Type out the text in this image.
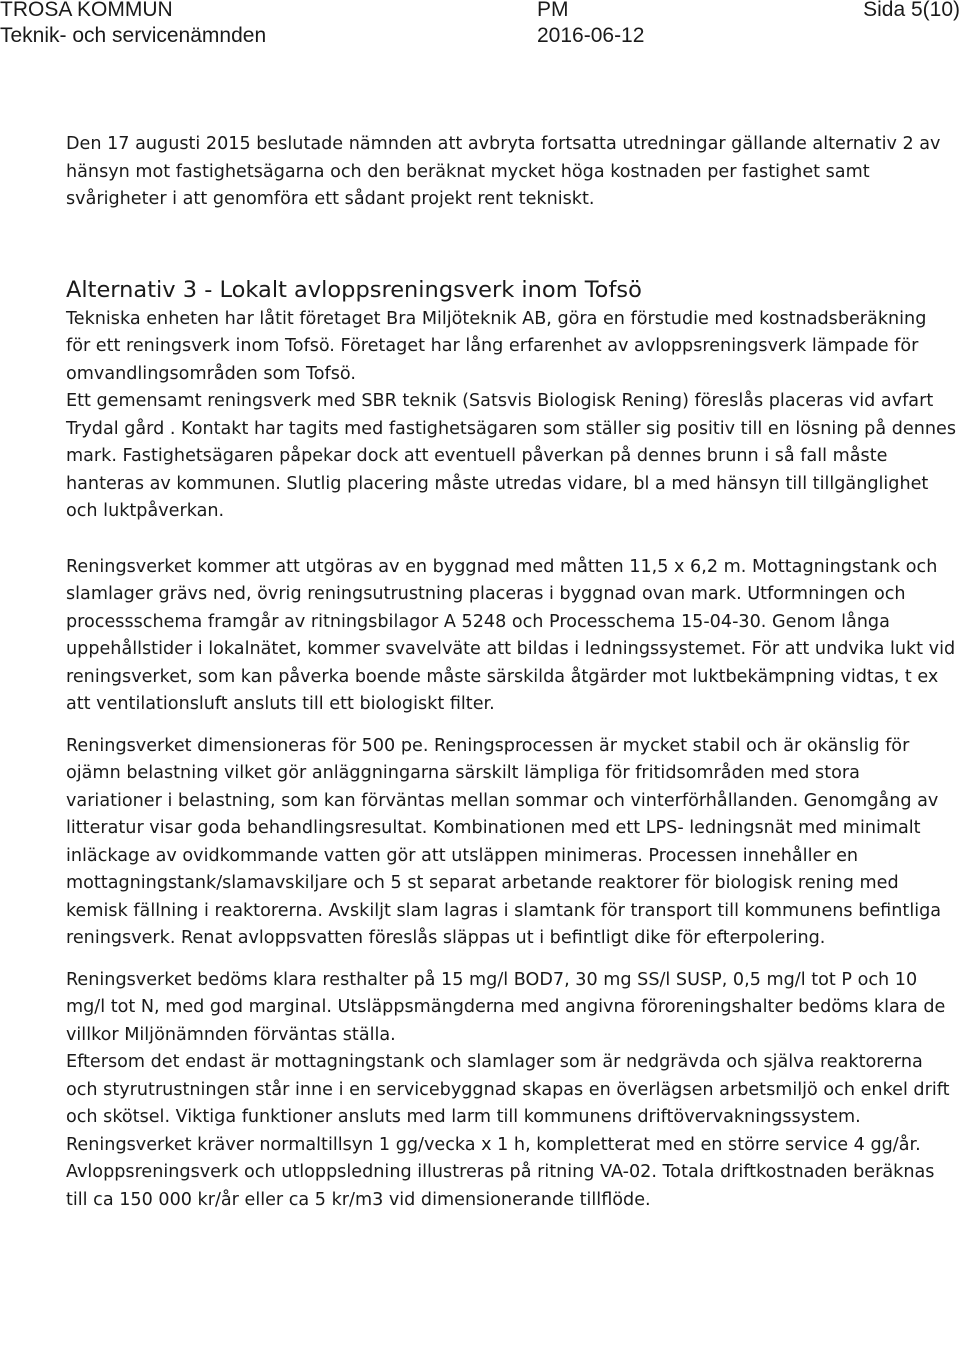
TROSA KOMMUN
Teknik- och servicenämnden
PM
2016-06-12
Sida 5(10)

Den 17 augusti 2015 beslutade nämnden att avbryta fortsatta utredningar gällande alternativ 2 av hänsyn mot fastighetsägarna och den beräknat mycket höga kostnaden per fastighet samt svårigheter i att genomföra ett sådant projekt rent tekniskt.

Alternativ 3 - Lokalt avloppsreningsverk inom Tofsö

Tekniska enheten har låtit företaget Bra Miljöteknik AB, göra en förstudie med kostnadsberäkning för ett reningsverk inom Tofsö. Företaget har lång erfarenhet av avloppsreningsverk lämpade för omvandlingsområden som Tofsö.

Ett gemensamt reningsverk med SBR teknik (Satsvis Biologisk Rening) föreslås placeras vid avfart Trydal gård . Kontakt har tagits med fastighetsägaren som ställer sig positiv till en lösning på dennes mark. Fastighetsägaren påpekar dock att eventuell påverkan på dennes brunn i så fall måste hanteras av kommunen. Slutlig placering måste utredas vidare, bl a med hänsyn till tillgänglighet och luktpåverkan.

Reningsverket kommer att utgöras av en byggnad med måtten 11,5 x 6,2 m. Mottagningstank och slamlager grävs ned, övrig reningsutrustning placeras i byggnad ovan mark. Utformningen och processschema framgår av ritningsbilagor A 5248 och Processchema 15-04-30. Genom långa uppehållstider i lokalnätet, kommer svavelväte att bildas i ledningssystemet. För att undvika lukt vid reningsverket, som kan påverka boende måste särskilda åtgärder mot luktbekämpning vidtas, t ex att ventilationsluft ansluts till ett biologiskt filter.

Reningsverket dimensioneras för 500 pe. Reningsprocessen är mycket stabil och är okänslig för ojämn belastning vilket gör anläggningarna särskilt lämpliga för fritidsområden med stora variationer i belastning, som kan förväntas mellan sommar och vinterförhållanden. Genomgång av litteratur visar goda behandlingsresultat. Kombinationen med ett LPS- ledningsnät med minimalt inläckage av ovidkommande vatten gör att utsläppen minimeras. Processen innehåller en mottagningstank/slamavskiljare och 5 st separat arbetande reaktorer för biologisk rening med kemisk fällning i reaktorerna. Avskiljt slam lagras i slamtank för transport till kommunens befintliga reningsverk. Renat avloppsvatten föreslås släppas ut i befintligt dike för efterpolering.

Reningsverket bedöms klara resthalter på 15 mg/l BOD7, 30 mg SS/l SUSP, 0,5 mg/l tot P och 10 mg/l tot N, med god marginal. Utsläppsmängderna med angivna föroreningshalter bedöms klara de villkor Miljönämnden förväntas ställa.

Eftersom det endast är mottagningstank och slamlager som är nedgrävda och själva reaktorerna och styrutrustningen står inne i en servicebyggnad skapas en överlägsen arbetsmiljö och enkel drift och skötsel. Viktiga funktioner ansluts med larm till kommunens driftövervakningssystem. Reningsverket kräver normaltillsyn 1 gg/vecka x 1 h, kompletterat med en större service 4 gg/år.

Avloppsreningsverk och utloppsledning illustreras på ritning VA-02. Totala driftkostnaden beräknas till ca 150 000 kr/år eller ca 5 kr/m3 vid dimensionerande tillflöde.
